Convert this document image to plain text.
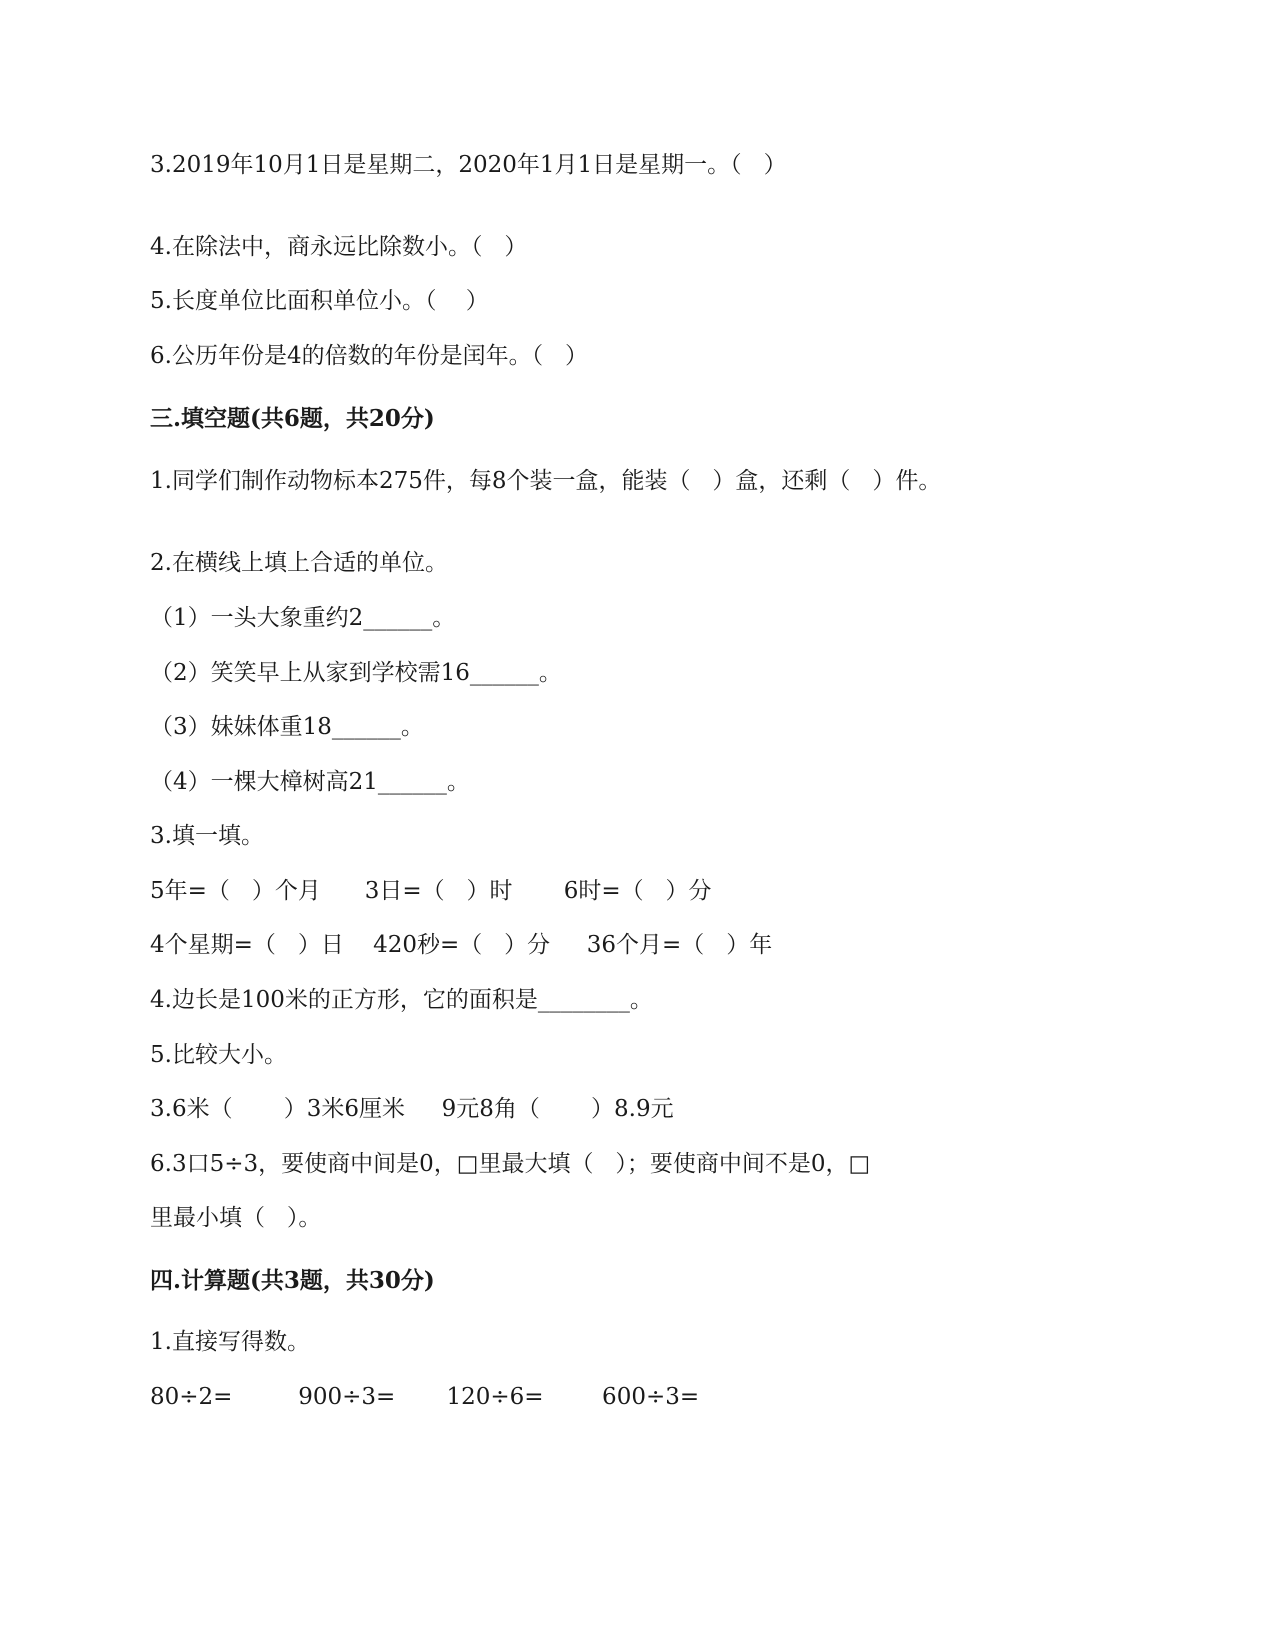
3.2019年10月1日是星期二，2020年1月1日是星期一。（   ）

4.在除法中，商永远比除数小。（   ）

5.长度单位比面积单位小。（    ）

6.公历年份是4的倍数的年份是闰年。（   ）

三.填空题(共6题，共20分)

1.同学们制作动物标本275件，每8个装一盒，能装（   ）盒，还剩（   ）件。

2.在横线上填上合适的单位。

（1）一头大象重约2______。

（2）笑笑早上从家到学校需16______。

（3）妹妹体重18______。

（4）一棵大樟树高21______。

3.填一填。

5年=（   ）个月      3日=（   ）时       6时=（   ）分

4个星期=（   ）日    420秒=（   ）分     36个月=（   ）年

4.边长是100米的正方形，它的面积是________。

5.比较大小。

3.6米（       ）3米6厘米     9元8角（       ）8.9元

6.3口5÷3，要使商中间是0，□里最大填（   ）；要使商中间不是0，□

里最小填（   ）。

四.计算题(共3题，共30分)

1.直接写得数。

80÷2=         900÷3=       120÷6=        600÷3=
